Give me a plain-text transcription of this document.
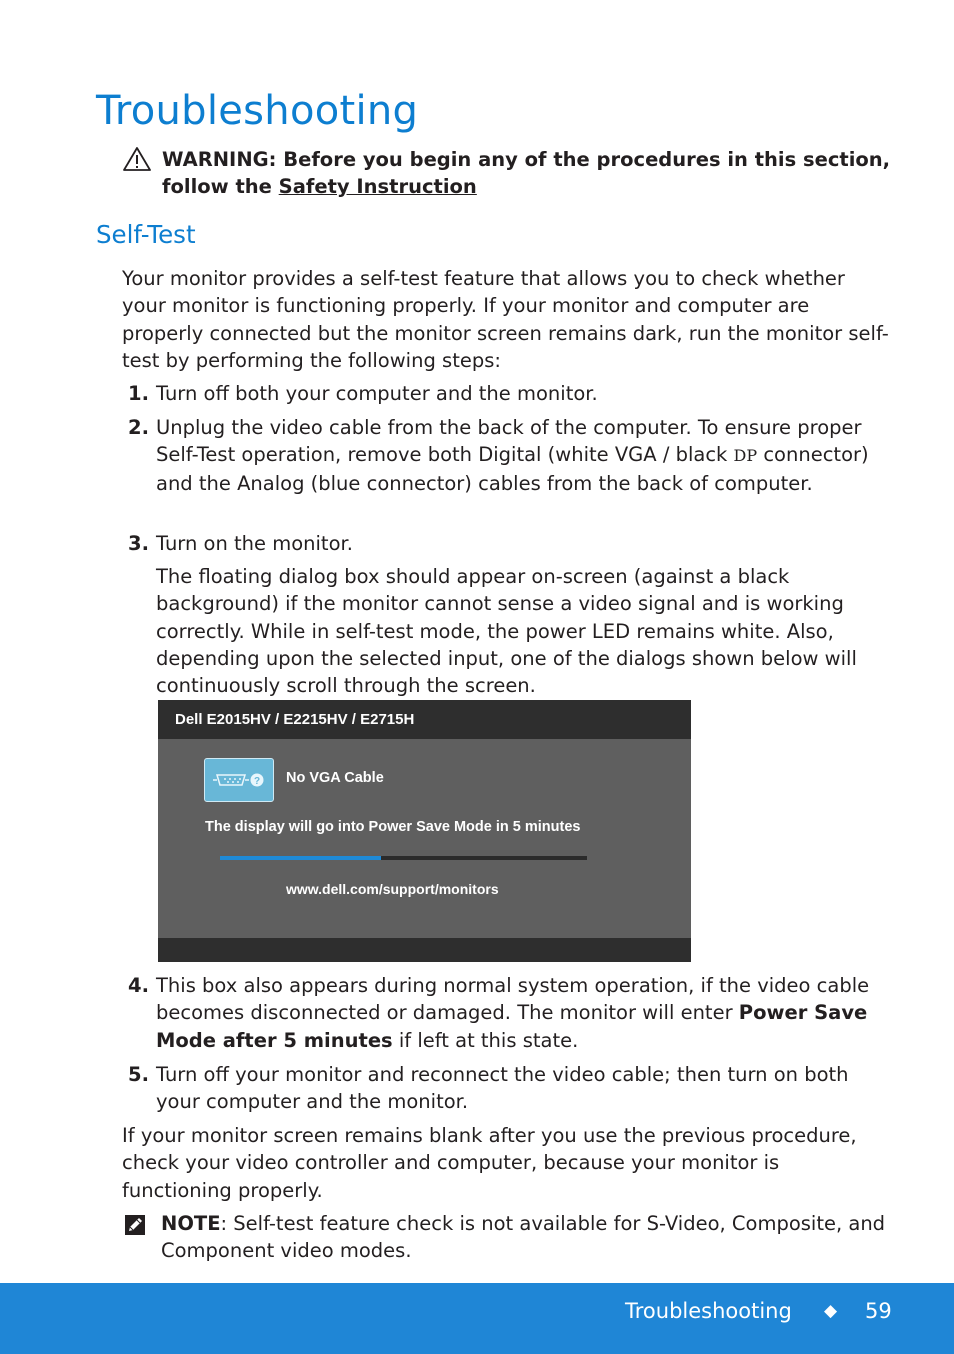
Troubleshooting
WARNING: Before you begin any of the procedures in this section, follow the Safety Instruction
Self-Test

Your monitor provides a self-test feature that allows you to check whether your monitor is functioning properly. If your monitor and computer are properly connected but the monitor screen remains dark, run the monitor self-test by performing the following steps:

1. Turn off both your computer and the monitor.
2. Unplug the video cable from the back of the computer. To ensure proper Self-Test operation, remove both Digital (white VGA / black DP connector) and the Analog (blue connector) cables from the back of computer.
3. Turn on the monitor.

The floating dialog box should appear on-screen (against a black background) if the monitor cannot sense a video signal and is working correctly. While in self-test mode, the power LED remains white. Also, depending upon the selected input, one of the dialogs shown below will continuously scroll through the screen.

Dell E2015HV / E2215HV / E2715H
? No VGA Cable
The display will go into Power Save Mode in 5 minutes
www.dell.com/support/monitors
4. This box also appears during normal system operation, if the video cable becomes disconnected or damaged. The monitor will enter Power Save Mode after 5 minutes if left at this state.
5. Turn off your monitor and reconnect the video cable; then turn on both your computer and the monitor.

If your monitor screen remains blank after you use the previous procedure, check your video controller and computer, because your monitor is functioning properly.

NOTE: Self-test feature check is not available for S-Video, Composite, and Component video modes.
Troubleshooting ◆ 59
